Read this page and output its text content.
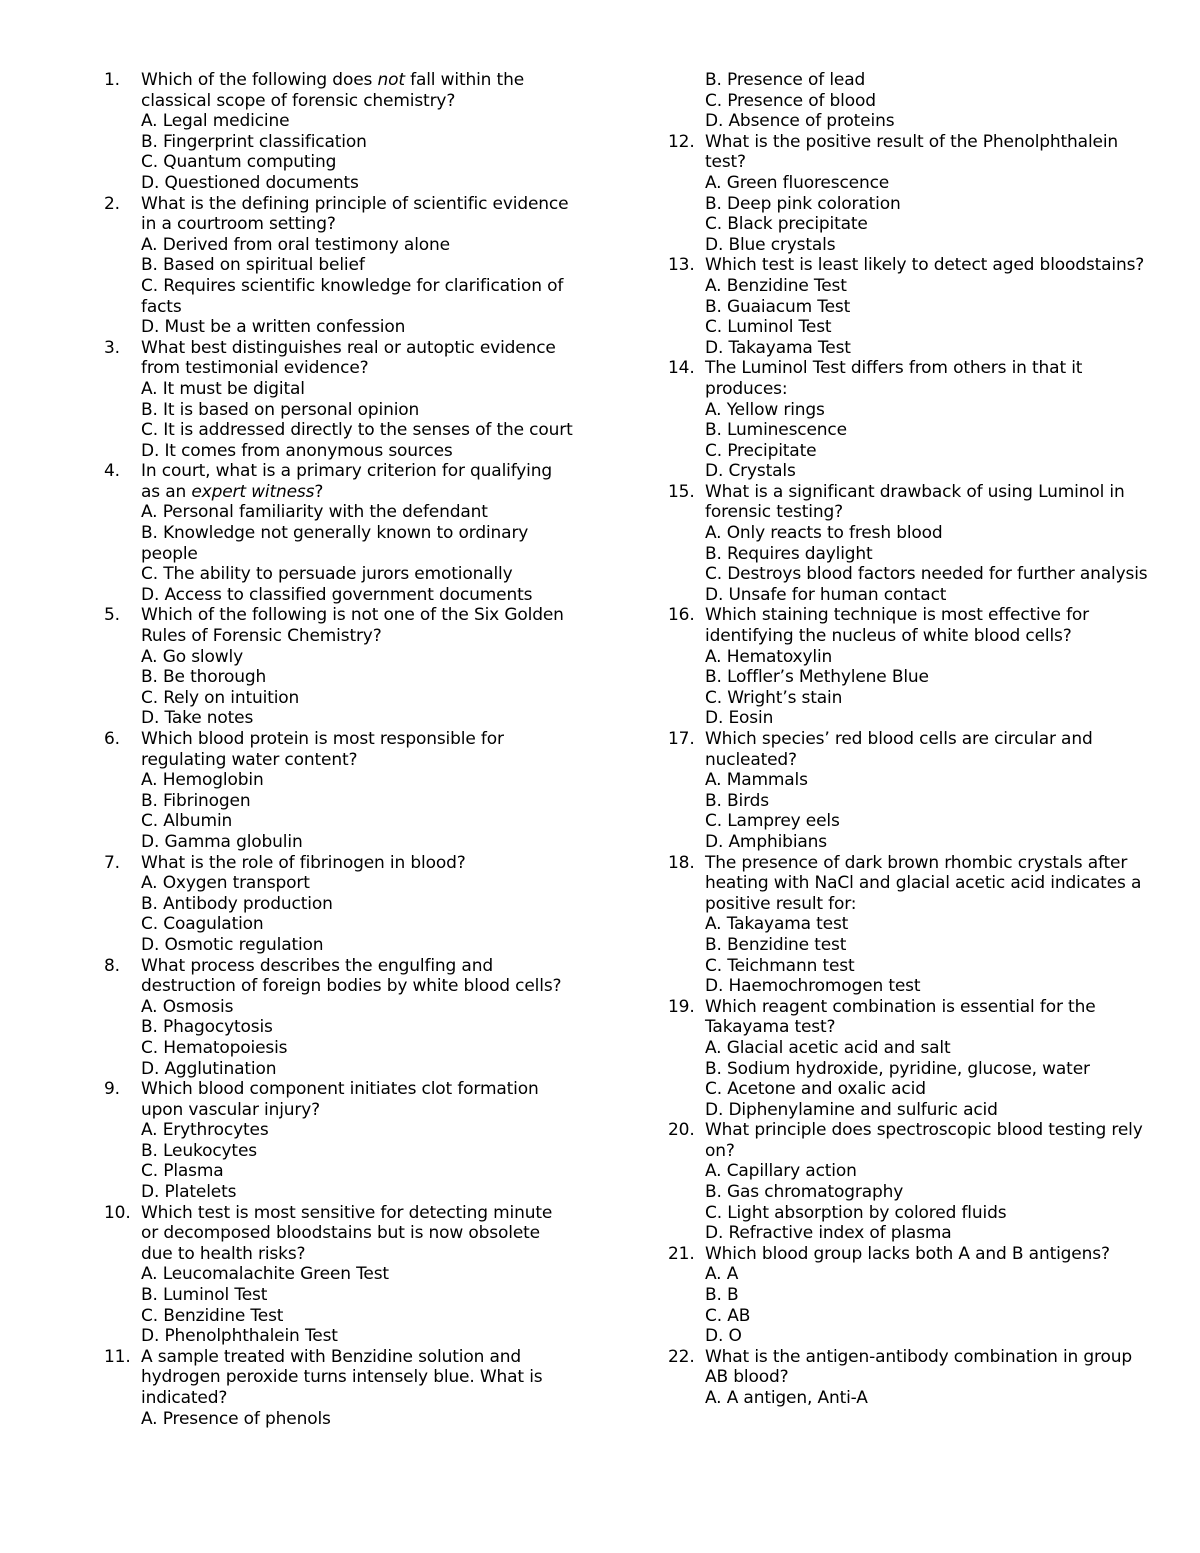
1.	Which of the following does not fall within the classical scope of forensic chemistry?
A. Legal medicine
B. Fingerprint classification
C. Quantum computing
D. Questioned documents
2.	What is the defining principle of scientific evidence in a courtroom setting?
A. Derived from oral testimony alone
B. Based on spiritual belief
C. Requires scientific knowledge for clarification of facts
D. Must be a written confession
3.	What best distinguishes real or autoptic evidence from testimonial evidence?
A. It must be digital
B. It is based on personal opinion
C. It is addressed directly to the senses of the court
D. It comes from anonymous sources
4.	In court, what is a primary criterion for qualifying as an expert witness?
A. Personal familiarity with the defendant
B. Knowledge not generally known to ordinary people
C. The ability to persuade jurors emotionally
D. Access to classified government documents
5.	Which of the following is not one of the Six Golden Rules of Forensic Chemistry?
A. Go slowly
B. Be thorough
C. Rely on intuition
D. Take notes
6.	Which blood protein is most responsible for regulating water content?
A. Hemoglobin
B. Fibrinogen
C. Albumin
D. Gamma globulin
7.	What is the role of fibrinogen in blood?
A. Oxygen transport
B. Antibody production
C. Coagulation
D. Osmotic regulation
8.	What process describes the engulfing and destruction of foreign bodies by white blood cells?
A. Osmosis
B. Phagocytosis
C. Hematopoiesis
D. Agglutination
9.	Which blood component initiates clot formation upon vascular injury?
A. Erythrocytes
B. Leukocytes
C. Plasma
D. Platelets
10. Which test is most sensitive for detecting minute or decomposed bloodstains but is now obsolete due to health risks?
A. Leucomalachite Green Test
B. Luminol Test
C. Benzidine Test
D. Phenolphthalein Test
11. A sample treated with Benzidine solution and hydrogen peroxide turns intensely blue. What is indicated?
A. Presence of phenols
B. Presence of lead
C. Presence of blood
D. Absence of proteins
12. What is the positive result of the Phenolphthalein test?
A. Green fluorescence
B. Deep pink coloration
C. Black precipitate
D. Blue crystals
13. Which test is least likely to detect aged bloodstains?
A. Benzidine Test
B. Guaiacum Test
C. Luminol Test
D. Takayama Test
14. The Luminol Test differs from others in that it produces:
A. Yellow rings
B. Luminescence
C. Precipitate
D. Crystals
15. What is a significant drawback of using Luminol in forensic testing?
A. Only reacts to fresh blood
B. Requires daylight
C. Destroys blood factors needed for further analysis
D. Unsafe for human contact
16. Which staining technique is most effective for identifying the nucleus of white blood cells?
A. Hematoxylin
B. Loffler’s Methylene Blue
C. Wright’s stain
D. Eosin
17. Which species’ red blood cells are circular and nucleated?
A. Mammals
B. Birds
C. Lamprey eels
D. Amphibians
18. The presence of dark brown rhombic crystals after heating with NaCl and glacial acetic acid indicates a positive result for:
A. Takayama test
B. Benzidine test
C. Teichmann test
D. Haemochromogen test
19. Which reagent combination is essential for the Takayama test?
A. Glacial acetic acid and salt
B. Sodium hydroxide, pyridine, glucose, water
C. Acetone and oxalic acid
D. Diphenylamine and sulfuric acid
20. What principle does spectroscopic blood testing rely on?
A. Capillary action
B. Gas chromatography
C. Light absorption by colored fluids
D. Refractive index of plasma
21. Which blood group lacks both A and B antigens?
A. A
B. B
C. AB
D. O
22. What is the antigen-antibody combination in group AB blood?
A. A antigen, Anti-A
